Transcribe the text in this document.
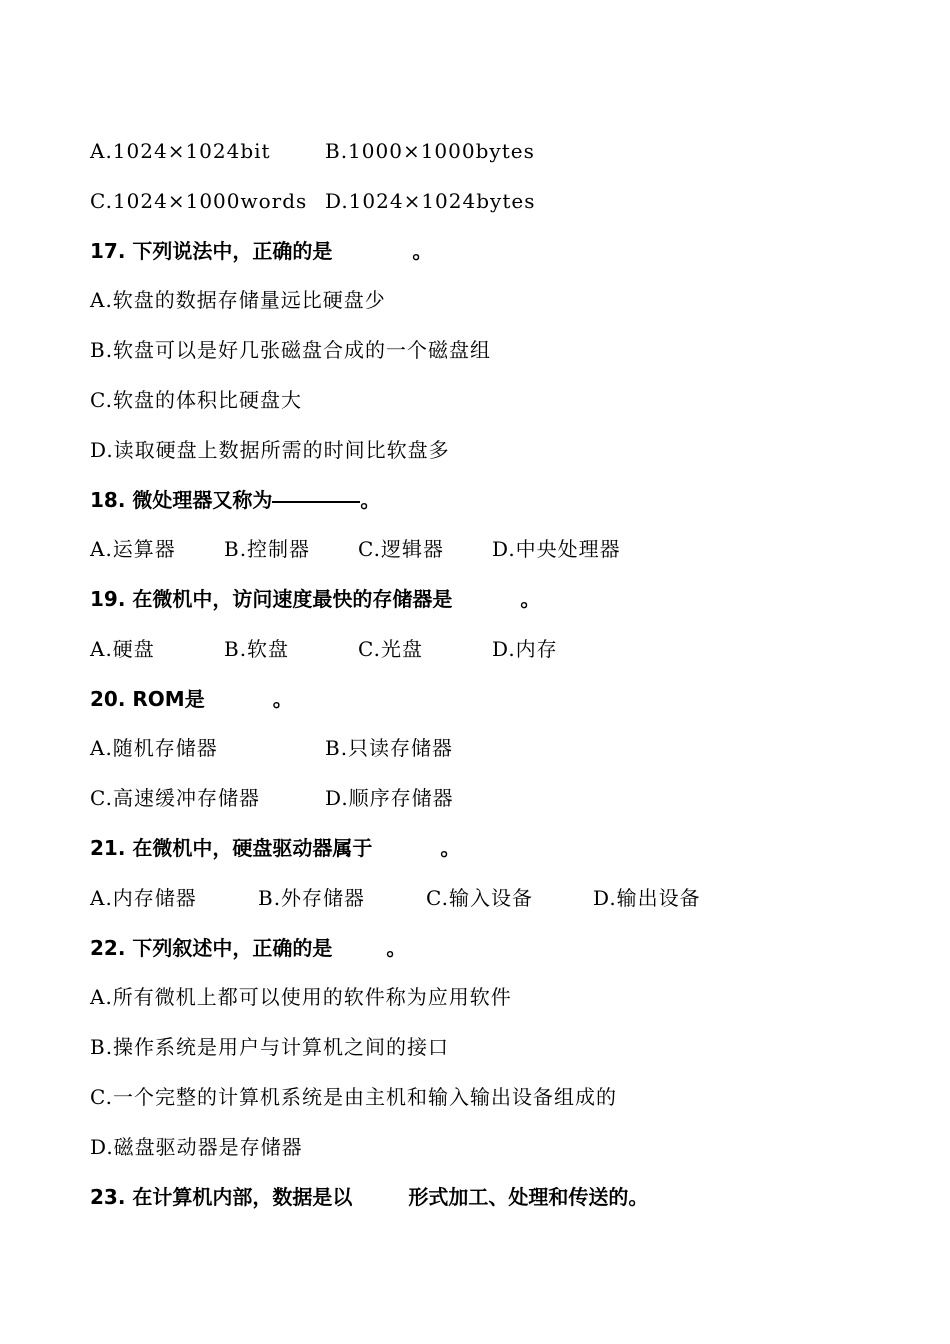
A.1024×1024bit	B.1000×1000bytes
C.1024×1000words D.1024×1024bytes
17. 下列说法中，正确的是	。
A.软盘的数据存储量远比硬盘少
B.软盘可以是好几张磁盘合成的一个磁盘组
C.软盘的体积比硬盘大
D.读取硬盘上数据所需的时间比软盘多
18. 微处理器又称为	。
A.运算器 B.控制器 C.逻辑器 D.中央处理器
19. 在微机中，访问速度最快的存储器是	。
A.硬盘	B.软盘	C.光盘	D.内存
20. ROM是	。
A.随机存储器	B.只读存储器
C.高速缓冲存储器	D.顺序存储器
21. 在微机中，硬盘驱动器属于	。
A.内存储器	B.外存储器	C.输入设备	D.输出设备
22. 下列叙述中，正确的是	。
A.所有微机上都可以使用的软件称为应用软件
B.操作系统是用户与计算机之间的接口
C.一个完整的计算机系统是由主机和输入输出设备组成的
D.磁盘驱动器是存储器
23. 在计算机内部，数据是以	形式加工、处理和传送的。
